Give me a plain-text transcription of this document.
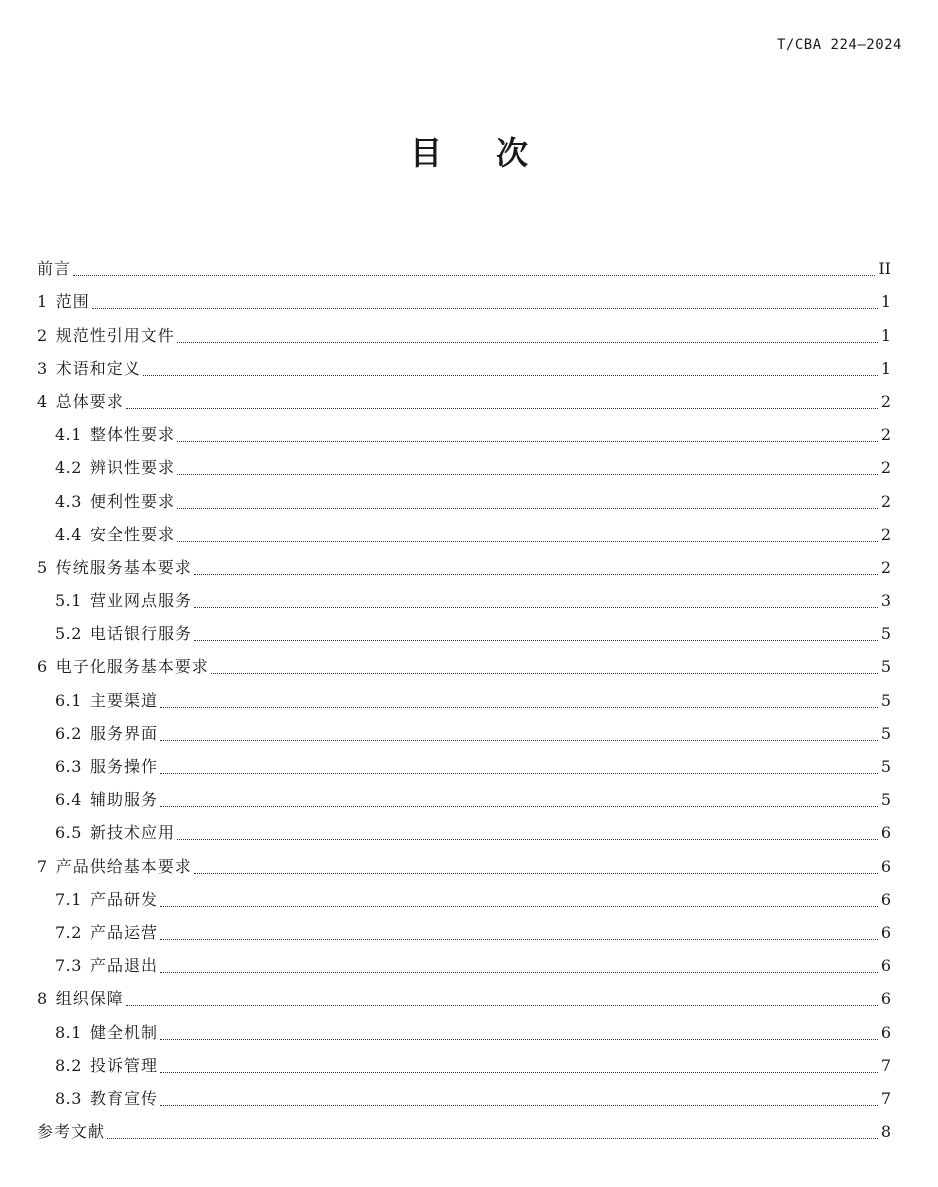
T/CBA 224—2024
目次
前言	II
1 范围	1
2 规范性引用文件	1
3 术语和定义	1
4 总体要求	2
4.1 整体性要求	2
4.2 辨识性要求	2
4.3 便利性要求	2
4.4 安全性要求	2
5 传统服务基本要求	2
5.1 营业网点服务	3
5.2 电话银行服务	5
6 电子化服务基本要求	5
6.1 主要渠道	5
6.2 服务界面	5
6.3 服务操作	5
6.4 辅助服务	5
6.5 新技术应用	6
7 产品供给基本要求	6
7.1 产品研发	6
7.2 产品运营	6
7.3 产品退出	6
8 组织保障	6
8.1 健全机制	6
8.2 投诉管理	7
8.3 教育宣传	7
参考文献	8
